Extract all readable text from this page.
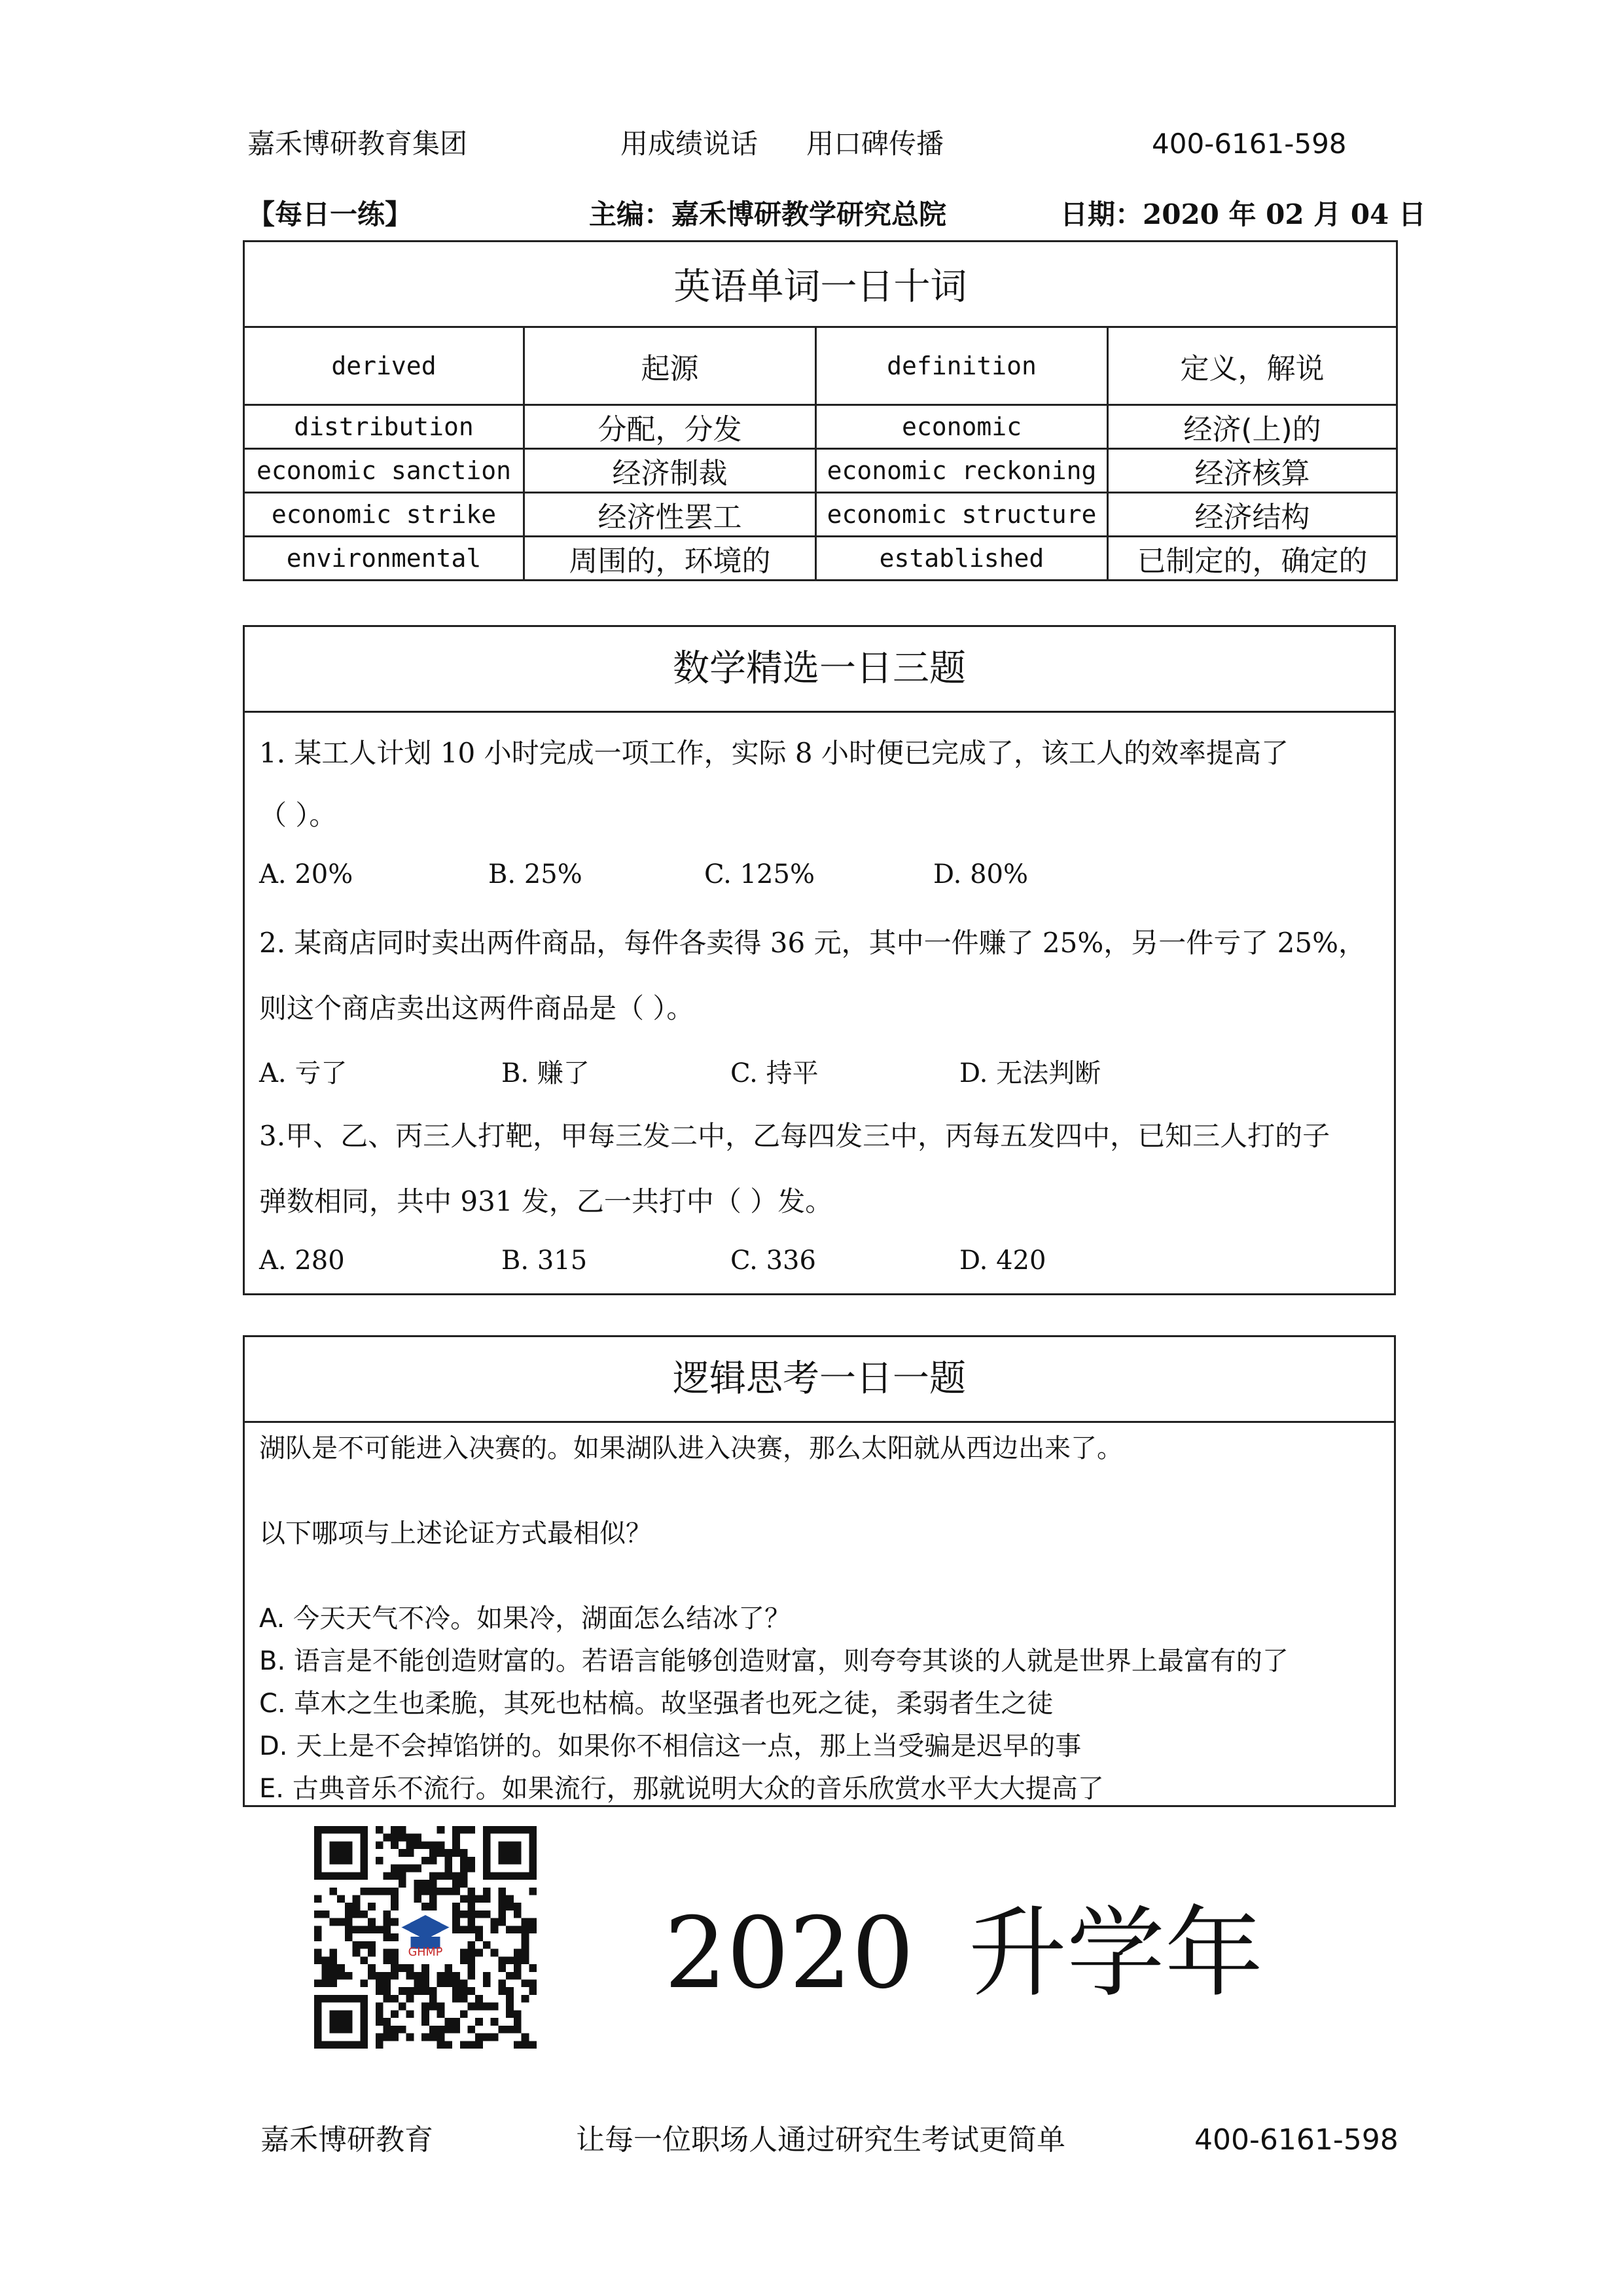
嘉禾博研教育集团	用成绩说话 用口碑传播	400-6161-598
【每日一练】	主编：嘉禾博研教学研究总院	日期：2020 年 02 月 04 日
英语单词一日十词			
derived	起源	definition	定义，解说
distribution	分配，分发	economic	经济(上)的
economic sanction	经济制裁	economic reckoning	经济核算
economic strike	经济性罢工	economic structure	经济结构
environmental	周围的，环境的	established	已制定的，确定的
数学精选一日三题
1. 某工人计划 10 小时完成一项工作，实际 8 小时便已完成了，该工人的效率提高了
（ ）。
A. 20%	B. 25%	C. 125%	D. 80%
2. 某商店同时卖出两件商品，每件各卖得 36 元，其中一件赚了 25%，另一件亏了 25%，
则这个商店卖出这两件商品是（ ）。
A. 亏了	B. 赚了	C. 持平	D. 无法判断
3.甲、乙、丙三人打靶，甲每三发二中，乙每四发三中，丙每五发四中，已知三人打的子
弹数相同，共中 931 发，乙一共打中（ ）发。
A. 280	B. 315	C. 336	D. 420
逻辑思考一日一题
湖队是不可能进入决赛的。如果湖队进入决赛，那么太阳就从西边出来了。
以下哪项与上述论证方式最相似？
A. 今天天气不冷。如果冷，湖面怎么结冰了？
B. 语言是不能创造财富的。若语言能够创造财富，则夸夸其谈的人就是世界上最富有的了
C. 草木之生也柔脆，其死也枯槁。故坚强者也死之徒，柔弱者生之徒
D. 天上是不会掉馅饼的。如果你不相信这一点，那上当受骗是迟早的事
E. 古典音乐不流行。如果流行，那就说明大众的音乐欣赏水平大大提高了
GHMP 2020 升学年
嘉禾博研教育	让每一位职场人通过研究生考试更简单	400-6161-598
